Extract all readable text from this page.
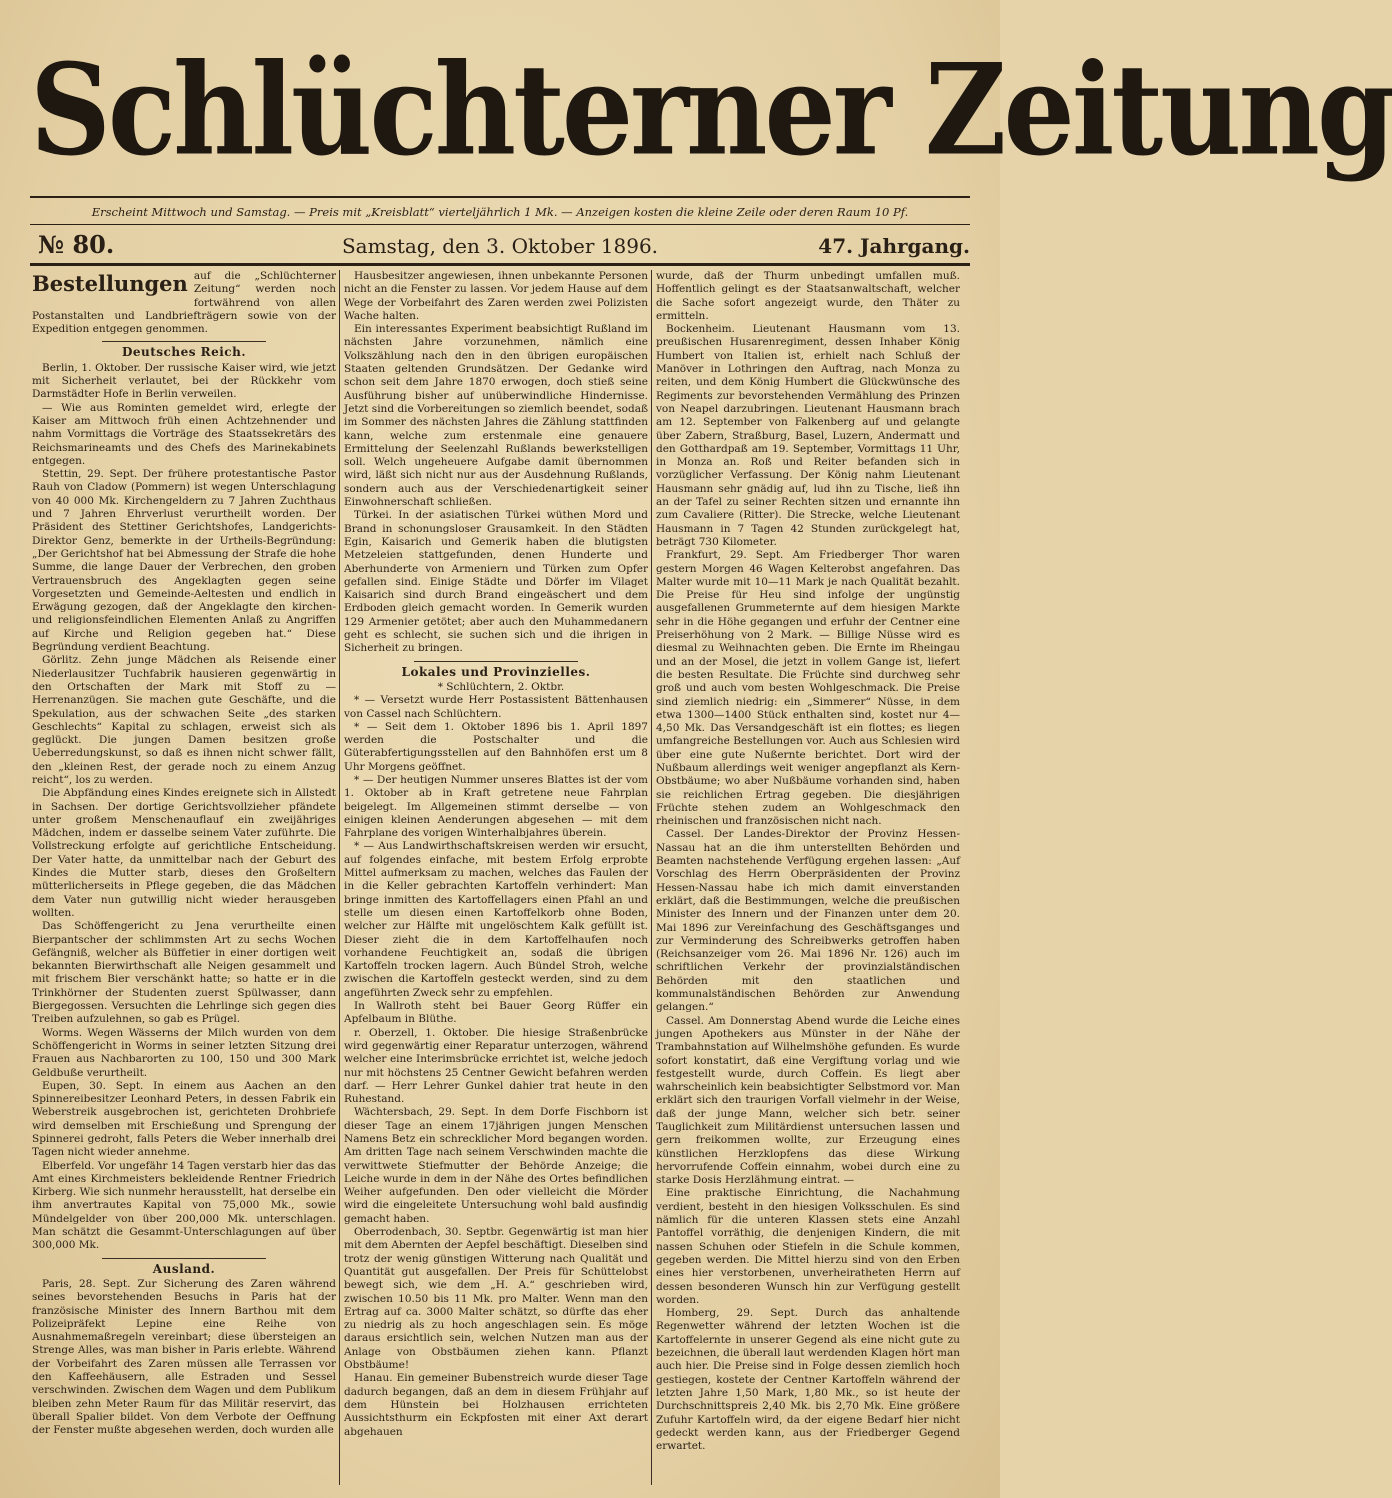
Schlüchterner Zeitung
Erscheint Mittwoch und Samstag. — Preis mit „Kreisblatt“ vierteljährlich 1 Mk. — Anzeigen kosten die kleine Zeile oder deren Raum 10 Pf.
№ 80.	Samstag, den 3. Oktober 1896.	47. Jahrgang.
Bestellungen auf die „Schlüchterner Zeitung“ werden noch fortwährend von allen Postanstalten und Landbriefträgern sowie von der Expedition entgegen genommen.

Deutsches Reich.

Berlin, 1. Oktober. Der russische Kaiser wird, wie jetzt mit Sicherheit verlautet, bei der Rückkehr vom Darmstädter Hofe in Berlin verweilen.

— Wie aus Rominten gemeldet wird, erlegte der Kaiser am Mittwoch früh einen Achtzehnender und nahm Vormittags die Vorträge des Staatssekretärs des Reichsmarineamts und des Chefs des Marinekabinets entgegen.

Stettin, 29. Sept. Der frühere protestantische Pastor Rauh von Cladow (Pommern) ist wegen Unterschlagung von 40 000 Mk. Kirchengeldern zu 7 Jahren Zuchthaus und 7 Jahren Ehrverlust verurtheilt worden. Der Präsident des Stettiner Gerichtshofes, Landgerichts-Direktor Genz, bemerkte in der Urtheils-Begründung: „Der Gerichtshof hat bei Abmessung der Strafe die hohe Summe, die lange Dauer der Verbrechen, den groben Vertrauensbruch des Angeklagten gegen seine Vorgesetzten und Gemeinde-Aeltesten und endlich in Erwägung gezogen, daß der Angeklagte den kirchen- und religionsfeindlichen Elementen Anlaß zu Angriffen auf Kirche und Religion gegeben hat.“ Diese Begründung verdient Beachtung.

Görlitz. Zehn junge Mädchen als Reisende einer Niederlausitzer Tuchfabrik hausieren gegenwärtig in den Ortschaften der Mark mit Stoff zu — Herrenanzügen. Sie machen gute Geschäfte, und die Spekulation, aus der schwachen Seite „des starken Geschlechts“ Kapital zu schlagen, erweist sich als geglückt. Die jungen Damen besitzen große Ueberredungskunst, so daß es ihnen nicht schwer fällt, den „kleinen Rest, der gerade noch zu einem Anzug reicht“, los zu werden.

Die Abpfändung eines Kindes ereignete sich in Allstedt in Sachsen. Der dortige Gerichtsvollzieher pfändete unter großem Menschenauflauf ein zweijähriges Mädchen, indem er dasselbe seinem Vater zuführte. Die Vollstreckung erfolgte auf gerichtliche Entscheidung. Der Vater hatte, da unmittelbar nach der Geburt des Kindes die Mutter starb, dieses den Großeltern mütterlicherseits in Pflege gegeben, die das Mädchen dem Vater nun gutwillig nicht wieder herausgeben wollten.

Das Schöffengericht zu Jena verurtheilte einen Bierpantscher der schlimmsten Art zu sechs Wochen Gefängniß, welcher als Büffetier in einer dortigen weit bekannten Bierwirthschaft alle Neigen gesammelt und mit frischem Bier verschänkt hatte; so hatte er in die Trinkhörner der Studenten zuerst Spülwasser, dann Biergegossen. Versuchten die Lehrlinge sich gegen dies Treiben aufzulehnen, so gab es Prügel.

Worms. Wegen Wässerns der Milch wurden von dem Schöffengericht in Worms in seiner letzten Sitzung drei Frauen aus Nachbarorten zu 100, 150 und 300 Mark Geldbuße verurtheilt.

Eupen, 30. Sept. In einem aus Aachen an den Spinnereibesitzer Leonhard Peters, in dessen Fabrik ein Weberstreik ausgebrochen ist, gerichteten Drohbriefe wird demselben mit Erschießung und Sprengung der Spinnerei gedroht, falls Peters die Weber innerhalb drei Tagen nicht wieder annehme.

Elberfeld. Vor ungefähr 14 Tagen verstarb hier das das Amt eines Kirchmeisters bekleidende Rentner Friedrich Kirberg. Wie sich nunmehr herausstellt, hat derselbe ein ihm anvertrautes Kapital von 75,000 Mk., sowie Mündelgelder von über 200,000 Mk. unterschlagen. Man schätzt die Gesammt-Unterschlagungen auf über 300,000 Mk.

Ausland.

Paris, 28. Sept. Zur Sicherung des Zaren während seines bevorstehenden Besuchs in Paris hat der französische Minister des Innern Barthou mit dem Polizeipräfekt Lepine eine Reihe von Ausnahmemaßregeln vereinbart; diese übersteigen an Strenge Alles, was man bisher in Paris erlebte. Während der Vorbeifahrt des Zaren müssen alle Terrassen vor den Kaffeehäusern, alle Estraden und Sessel verschwinden. Zwischen dem Wagen und dem Publikum bleiben zehn Meter Raum für das Militär reservirt, das überall Spalier bildet. Von dem Verbote der Oeffnung der Fenster mußte abgesehen werden, doch wurden alle

Hausbesitzer angewiesen, ihnen unbekannte Personen nicht an die Fenster zu lassen. Vor jedem Hause auf dem Wege der Vorbeifahrt des Zaren werden zwei Polizisten Wache halten.

Ein interessantes Experiment beabsichtigt Rußland im nächsten Jahre vorzunehmen, nämlich eine Volkszählung nach den in den übrigen europäischen Staaten geltenden Grundsätzen. Der Gedanke wird schon seit dem Jahre 1870 erwogen, doch stieß seine Ausführung bisher auf unüberwindliche Hindernisse. Jetzt sind die Vorbereitungen so ziemlich beendet, sodaß im Sommer des nächsten Jahres die Zählung stattfinden kann, welche zum erstenmale eine genauere Ermittelung der Seelenzahl Rußlands bewerkstelligen soll. Welch ungeheuere Aufgabe damit übernommen wird, läßt sich nicht nur aus der Ausdehnung Rußlands, sondern auch aus der Verschiedenartigkeit seiner Einwohnerschaft schließen.

Türkei. In der asiatischen Türkei wüthen Mord und Brand in schonungsloser Grausamkeit. In den Städten Egin, Kaisarich und Gemerik haben die blutigsten Metzeleien stattgefunden, denen Hunderte und Aberhunderte von Armeniern und Türken zum Opfer gefallen sind. Einige Städte und Dörfer im Vilaget Kaisarich sind durch Brand eingeäschert und dem Erdboden gleich gemacht worden. In Gemerik wurden 129 Armenier getötet; aber auch den Muhammedanern geht es schlecht, sie suchen sich und die ihrigen in Sicherheit zu bringen.

Lokales und Provinzielles.

* Schlüchtern, 2. Oktbr.

* — Versetzt wurde Herr Postassistent Bättenhausen von Cassel nach Schlüchtern.

* — Seit dem 1. Oktober 1896 bis 1. April 1897 werden die Postschalter und die Güterabfertigungsstellen auf den Bahnhöfen erst um 8 Uhr Morgens geöffnet.

* — Der heutigen Nummer unseres Blattes ist der vom 1. Oktober ab in Kraft getretene neue Fahrplan beigelegt. Im Allgemeinen stimmt derselbe — von einigen kleinen Aenderungen abgesehen — mit dem Fahrplane des vorigen Winterhalbjahres überein.

* — Aus Landwirthschaftskreisen werden wir ersucht, auf folgendes einfache, mit bestem Erfolg erprobte Mittel aufmerksam zu machen, welches das Faulen der in die Keller gebrachten Kartoffeln verhindert: Man bringe inmitten des Kartoffellagers einen Pfahl an und stelle um diesen einen Kartoffelkorb ohne Boden, welcher zur Hälfte mit ungelöschtem Kalk gefüllt ist. Dieser zieht die in dem Kartoffelhaufen noch vorhandene Feuchtigkeit an, sodaß die übrigen Kartoffeln trocken lagern. Auch Bündel Stroh, welche zwischen die Kartoffeln gesteckt werden, sind zu dem angeführten Zweck sehr zu empfehlen.

In Wallroth steht bei Bauer Georg Rüffer ein Apfelbaum in Blüthe.

r. Oberzell, 1. Oktober. Die hiesige Straßenbrücke wird gegenwärtig einer Reparatur unterzogen, während welcher eine Interimsbrücke errichtet ist, welche jedoch nur mit höchstens 25 Centner Gewicht befahren werden darf. — Herr Lehrer Gunkel dahier trat heute in den Ruhestand.

Wächtersbach, 29. Sept. In dem Dorfe Fischborn ist dieser Tage an einem 17jährigen jungen Menschen Namens Betz ein schrecklicher Mord begangen worden. Am dritten Tage nach seinem Verschwinden machte die verwittwete Stiefmutter der Behörde Anzeige; die Leiche wurde in dem in der Nähe des Ortes befindlichen Weiher aufgefunden. Den oder vielleicht die Mörder wird die eingeleitete Untersuchung wohl bald ausfindig gemacht haben.

Oberrodenbach, 30. Septbr. Gegenwärtig ist man hier mit dem Abernten der Aepfel beschäftigt. Dieselben sind trotz der wenig günstigen Witterung nach Qualität und Quantität gut ausgefallen. Der Preis für Schüttelobst bewegt sich, wie dem „H. A.“ geschrieben wird, zwischen 10.50 bis 11 Mk. pro Malter. Wenn man den Ertrag auf ca. 3000 Malter schätzt, so dürfte das eher zu niedrig als zu hoch angeschlagen sein. Es möge daraus ersichtlich sein, welchen Nutzen man aus der Anlage von Obstbäumen ziehen kann. Pflanzt Obstbäume!

Hanau. Ein gemeiner Bubenstreich wurde dieser Tage dadurch begangen, daß an dem in diesem Frühjahr auf dem Hünstein bei Holzhausen errichteten Aussichtsthurm ein Eckpfosten mit einer Axt derart abgehauen

wurde, daß der Thurm unbedingt umfallen muß. Hoffentlich gelingt es der Staatsanwaltschaft, welcher die Sache sofort angezeigt wurde, den Thäter zu ermitteln.

Bockenheim. Lieutenant Hausmann vom 13. preußischen Husarenregiment, dessen Inhaber König Humbert von Italien ist, erhielt nach Schluß der Manöver in Lothringen den Auftrag, nach Monza zu reiten, und dem König Humbert die Glückwünsche des Regiments zur bevorstehenden Vermählung des Prinzen von Neapel darzubringen. Lieutenant Hausmann brach am 12. September von Falkenberg auf und gelangte über Zabern, Straßburg, Basel, Luzern, Andermatt und den Gotthardpaß am 19. September, Vormittags 11 Uhr, in Monza an. Roß und Reiter befanden sich in vorzüglicher Verfassung. Der König nahm Lieutenant Hausmann sehr gnädig auf, lud ihn zu Tische, ließ ihn an der Tafel zu seiner Rechten sitzen und ernannte ihn zum Cavaliere (Ritter). Die Strecke, welche Lieutenant Hausmann in 7 Tagen 42 Stunden zurückgelegt hat, beträgt 730 Kilometer.

Frankfurt, 29. Sept. Am Friedberger Thor waren gestern Morgen 46 Wagen Kelterobst angefahren. Das Malter wurde mit 10—11 Mark je nach Qualität bezahlt. Die Preise für Heu sind infolge der ungünstig ausgefallenen Grummeternte auf dem hiesigen Markte sehr in die Höhe gegangen und erfuhr der Centner eine Preiserhöhung von 2 Mark. — Billige Nüsse wird es diesmal zu Weihnachten geben. Die Ernte im Rheingau und an der Mosel, die jetzt in vollem Gange ist, liefert die besten Resultate. Die Früchte sind durchweg sehr groß und auch vom besten Wohlgeschmack. Die Preise sind ziemlich niedrig: ein „Simmerer“ Nüsse, in dem etwa 1300—1400 Stück enthalten sind, kostet nur 4—4,50 Mk. Das Versandgeschäft ist ein flottes; es liegen umfangreiche Bestellungen vor. Auch aus Schlesien wird über eine gute Nußernte berichtet. Dort wird der Nußbaum allerdings weit weniger angepflanzt als Kern-Obstbäume; wo aber Nußbäume vorhanden sind, haben sie reichlichen Ertrag gegeben. Die diesjährigen Früchte stehen zudem an Wohlgeschmack den rheinischen und französischen nicht nach.

Cassel. Der Landes-Direktor der Provinz Hessen-Nassau hat an die ihm unterstellten Behörden und Beamten nachstehende Verfügung ergehen lassen: „Auf Vorschlag des Herrn Oberpräsidenten der Provinz Hessen-Nassau habe ich mich damit einverstanden erklärt, daß die Bestimmungen, welche die preußischen Minister des Innern und der Finanzen unter dem 20. Mai 1896 zur Vereinfachung des Geschäftsganges und zur Verminderung des Schreibwerks getroffen haben (Reichsanzeiger vom 26. Mai 1896 Nr. 126) auch im schriftlichen Verkehr der provinzialständischen Behörden mit den staatlichen und kommunalständischen Behörden zur Anwendung gelangen.“

Cassel. Am Donnerstag Abend wurde die Leiche eines jungen Apothekers aus Münster in der Nähe der Trambahnstation auf Wilhelmshöhe gefunden. Es wurde sofort konstatirt, daß eine Vergiftung vorlag und wie festgestellt wurde, durch Coffein. Es liegt aber wahrscheinlich kein beabsichtigter Selbstmord vor. Man erklärt sich den traurigen Vorfall vielmehr in der Weise, daß der junge Mann, welcher sich betr. seiner Tauglichkeit zum Militärdienst untersuchen lassen und gern freikommen wollte, zur Erzeugung eines künstlichen Herzklopfens das diese Wirkung hervorrufende Coffein einnahm, wobei durch eine zu starke Dosis Herzlähmung eintrat. —

Eine praktische Einrichtung, die Nachahmung verdient, besteht in den hiesigen Volksschulen. Es sind nämlich für die unteren Klassen stets eine Anzahl Pantoffel vorräthig, die denjenigen Kindern, die mit nassen Schuhen oder Stiefeln in die Schule kommen, gegeben werden. Die Mittel hierzu sind von den Erben eines hier verstorbenen, unverheiratheten Herrn auf dessen besonderen Wunsch hin zur Verfügung gestellt worden.

Homberg, 29. Sept. Durch das anhaltende Regenwetter während der letzten Wochen ist die Kartoffelernte in unserer Gegend als eine nicht gute zu bezeichnen, die überall laut werdenden Klagen hört man auch hier. Die Preise sind in Folge dessen ziemlich hoch gestiegen, kostete der Centner Kartoffeln während der letzten Jahre 1,50 Mark, 1,80 Mk., so ist heute der Durchschnittspreis 2,40 Mk. bis 2,70 Mk. Eine größere Zufuhr Kartoffeln wird, da der eigene Bedarf hier nicht gedeckt werden kann, aus der Friedberger Gegend erwartet.
